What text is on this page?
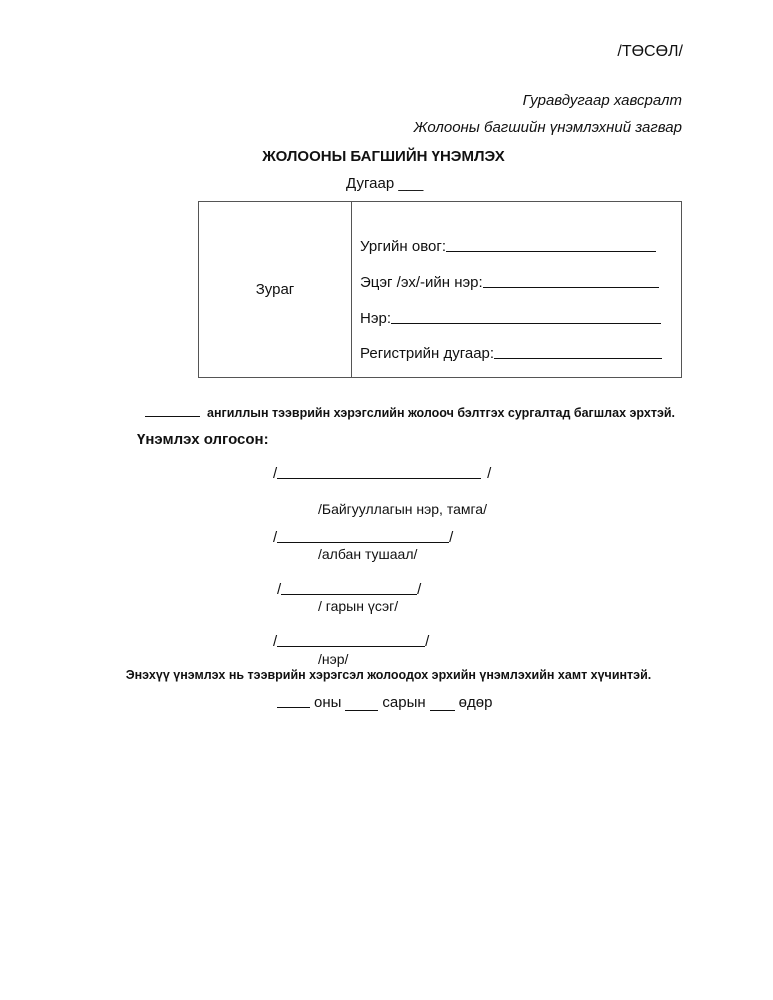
/ТӨСӨЛ/
Гуравдугаар хавсралт
Жолооны багшийн үнэмлэхний загвар
ЖОЛООНЫ БАГШИЙН ҮНЭМЛЭХ
Дугаар ___
Зураг
Ургийн овог:
Эцэг /эх/-ийн нэр:
Нэр:
Регистрийн дугаар:
ангиллын тээврийн хэрэгслийн жолооч бэлтгэх сургалтад багшлах эрхтэй.
Үнэмлэх олгосон:
/	/
/Байгууллагын нэр, тамга/
/	/
/албан тушаал/
/	/
/ гарын үсэг/
/	/
/нэр/
Энэхүү үнэмлэх нь тээврийн хэрэгсэл жолоодох эрхийн үнэмлэхийн хамт хүчинтэй.
оны	сарын өдөр
